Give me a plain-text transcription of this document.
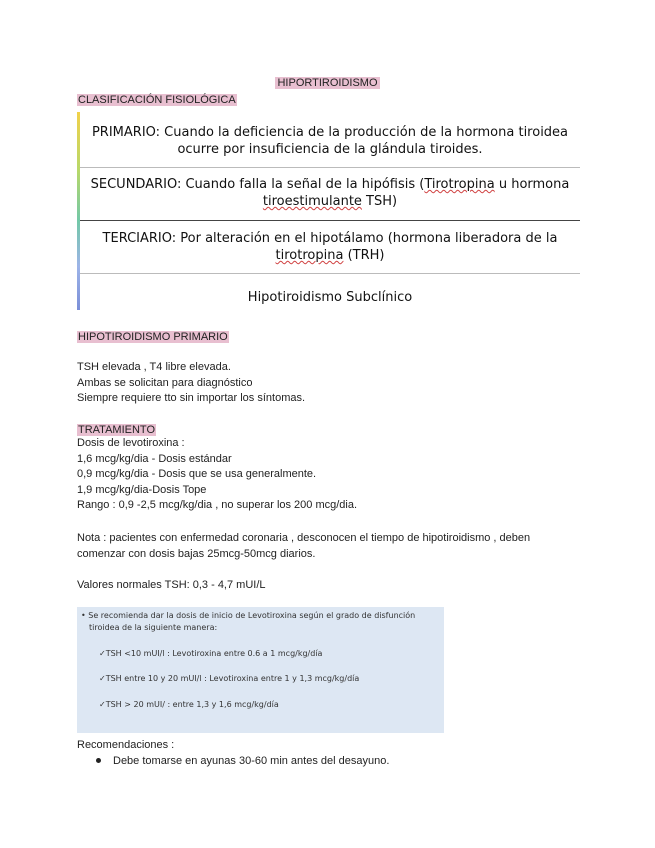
HIPORTIROIDISMO
CLASIFICACIÓN FISIOLÓGICA
PRIMARIO: Cuando la deficiencia de la producción de la hormona tiroidea
ocurre por insuficiencia de la glándula tiroides.
SECUNDARIO: Cuando falla la señal de la hipófisis (Tirotropina u hormona
tiroestimulante TSH)
TERCIARIO: Por alteración en el hipotálamo (hormona liberadora de la
tirotropina (TRH)
Hipotiroidismo Subclínico
HIPOTIROIDISMO PRIMARIO
TSH elevada , T4 libre elevada.
Ambas se solicitan para diagnóstico
Siempre requiere tto sin importar los síntomas.
TRATAMIENTO
Dosis de levotiroxina :
1,6 mcg/kg/dia - Dosis estándar
0,9 mcg/kg/dia - Dosis que se usa generalmente.
1,9 mcg/kg/dia-Dosis Tope
Rango : 0,9 -2,5 mcg/kg/dia , no superar los 200 mcg/dia.
Nota : pacientes con enfermedad coronaria , desconocen el tiempo de hipotiroidismo , deben
comenzar con dosis bajas 25mcg-50mcg diarios.
Valores normales TSH: 0,3 - 4,7 mUI/L
• Se recomienda dar la dosis de inicio de Levotiroxina según el grado de disfunción
tiroidea de la siguiente manera:
✓TSH <10 mUI/l : Levotiroxina entre 0.6 a 1 mcg/kg/día
✓TSH entre 10 y 20 mUI/l : Levotiroxina entre 1 y 1,3 mcg/kg/día
✓TSH > 20 mUI/ : entre 1,3 y 1,6 mcg/kg/día
Recomendaciones :
Debe tomarse en ayunas 30-60 min antes del desayuno.
